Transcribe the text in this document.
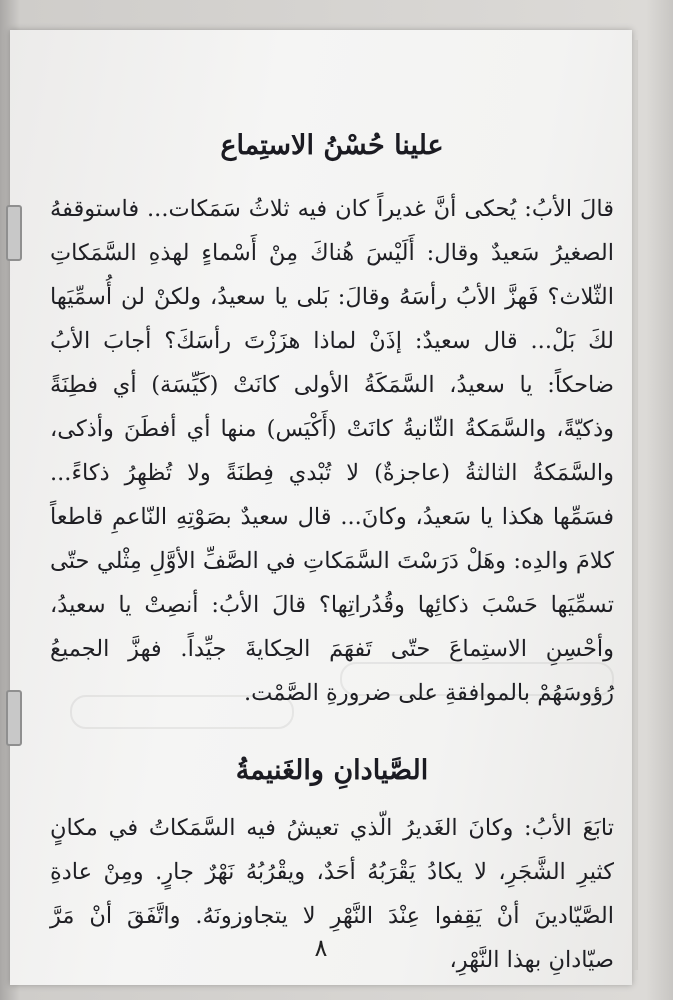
علينا حُسْنُ الاستِماع

قالَ الأبُ: يُحكى أنَّ غديراً كان فيه ثلاثُ سَمَكات... فاستوقفهُ الصغيرُ سَعيدٌ وقال: أَلَيْسَ هُناكَ مِنْ أَسْماءٍ لهذهِ السَّمَكاتِ الثّلاث؟ فَهزَّ الأبُ رأسَهُ وقالَ: بَلى يا سعيدُ، ولكنْ لن أُسمِّيَها لكَ بَلْ... قال سعيدٌ: إذَنْ لماذا هزَزْتَ رأسَكَ؟ أجابَ الأبُ ضاحكاً: يا سعيدُ، السَّمَكَةُ الأولى كانَتْ (كَيِّسَة) أي فطِنَةً وذكيّةً، والسَّمَكةُ الثّانيةُ كانَتْ (أَكْيَس) منها أي أفطَنَ وأذكى، والسَّمَكةُ الثالثةُ (عاجزةٌ) لا تُبْدي فِطنَةً ولا تُظهِرُ ذكاءً... فسَمِّها هكذا يا سَعيدُ، وكانَ... قال سعيدٌ بصَوْتِهِ النّاعمِ قاطعاً كلامَ والدِه: وهَلْ دَرَسْتَ السَّمَكاتِ في الصَّفِّ الأوَّلِ مِثْلي حتّى تسمِّيَها حَسْبَ ذكائِها وقُدُراتِها؟ قالَ الأبُ: أنصِتْ يا سعيدُ، وأحْسِنِ الاستِماعَ حتّى تَفهَمَ الحِكايةَ جيِّداً. فهزَّ الجميعُ رُؤوسَهُمْ بالموافقةِ على ضرورةِ الصَّمْت.

الصَّيادانِ والغَنيمةُ

تابَعَ الأبُ: وكانَ الغَديرُ الّذي تعيشُ فيه السَّمَكاتُ في مكانٍ كثيرِ الشَّجَرِ، لا يكادُ يَقْرَبُهُ أحَدٌ، ويقْرُبُهُ نَهْرٌ جارٍ. ومِنْ عادةِ الصَّيّادينَ أنْ يَقِفوا عِنْدَ النَّهْرِ لا يتجاوزونَهُ. واتَّفَقَ أنْ مَرَّ صيّادانِ بهذا النَّهْرِ،

٨
